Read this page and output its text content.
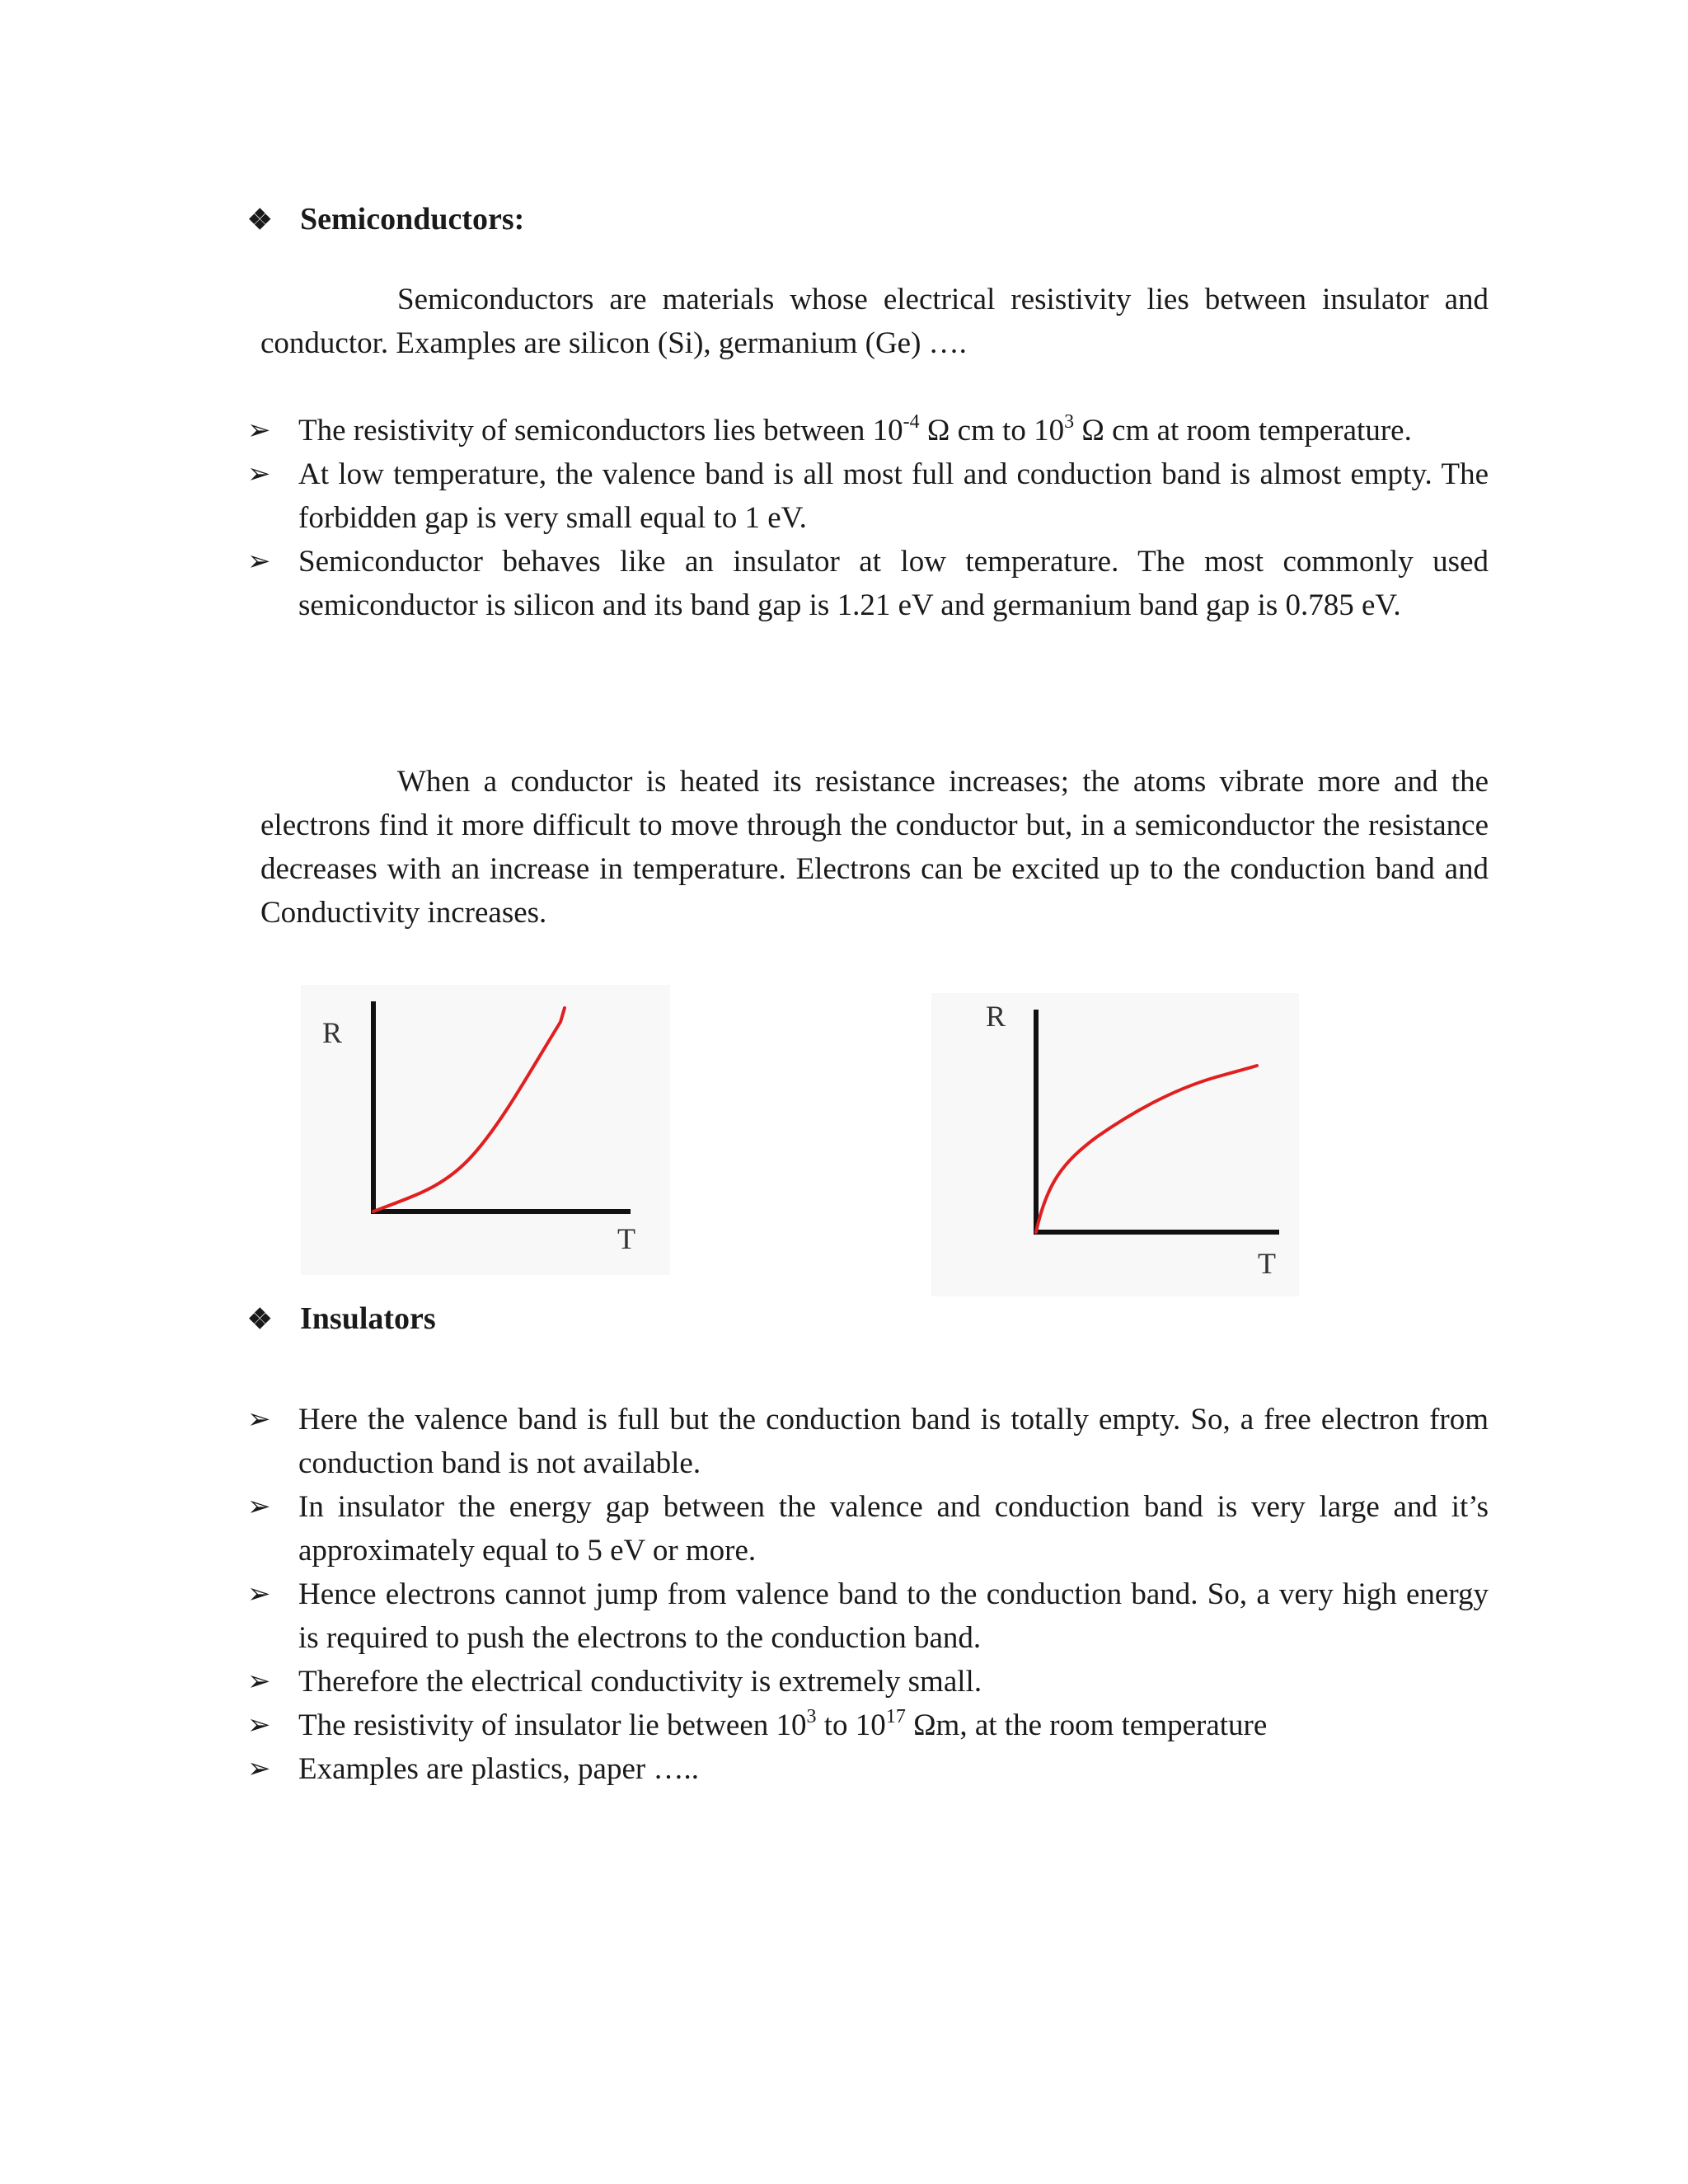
❖ Semiconductors:
Semiconductors are materials whose electrical resistivity lies between insulator and conductor. Examples are silicon (Si), germanium (Ge) ….
➢ The resistivity of semiconductors lies between $10^{-4}$ Ω cm to $10^3$ Ω cm at room temperature.
➢ At low temperature, the valence band is all most full and conduction band is almost empty. The forbidden gap is very small equal to 1 eV.
➢ Semiconductor behaves like an insulator at low temperature. The most commonly used semiconductor is silicon and its band gap is 1.21 eV and germanium band gap is 0.785 eV.
When a conductor is heated its resistance increases; the atoms vibrate more and the electrons find it more difficult to move through the conductor but, in a semiconductor the resistance decreases with an increase in temperature. Electrons can be excited up to the conduction band and Conductivity increases.
R
T
R
T
❖ Insulators
➢ Here the valence band is full but the conduction band is totally empty. So, a free electron from conduction band is not available.
➢ In insulator the energy gap between the valence and conduction band is very large and it’s approximately equal to 5 eV or more.
➢ Hence electrons cannot jump from valence band to the conduction band. So, a very high energy is required to push the electrons to the conduction band.
➢ Therefore the electrical conductivity is extremely small.
➢ The resistivity of insulator lie between $10^3$ to $10^{17}$ Ωm, at the room temperature
➢ Examples are plastics, paper …..
